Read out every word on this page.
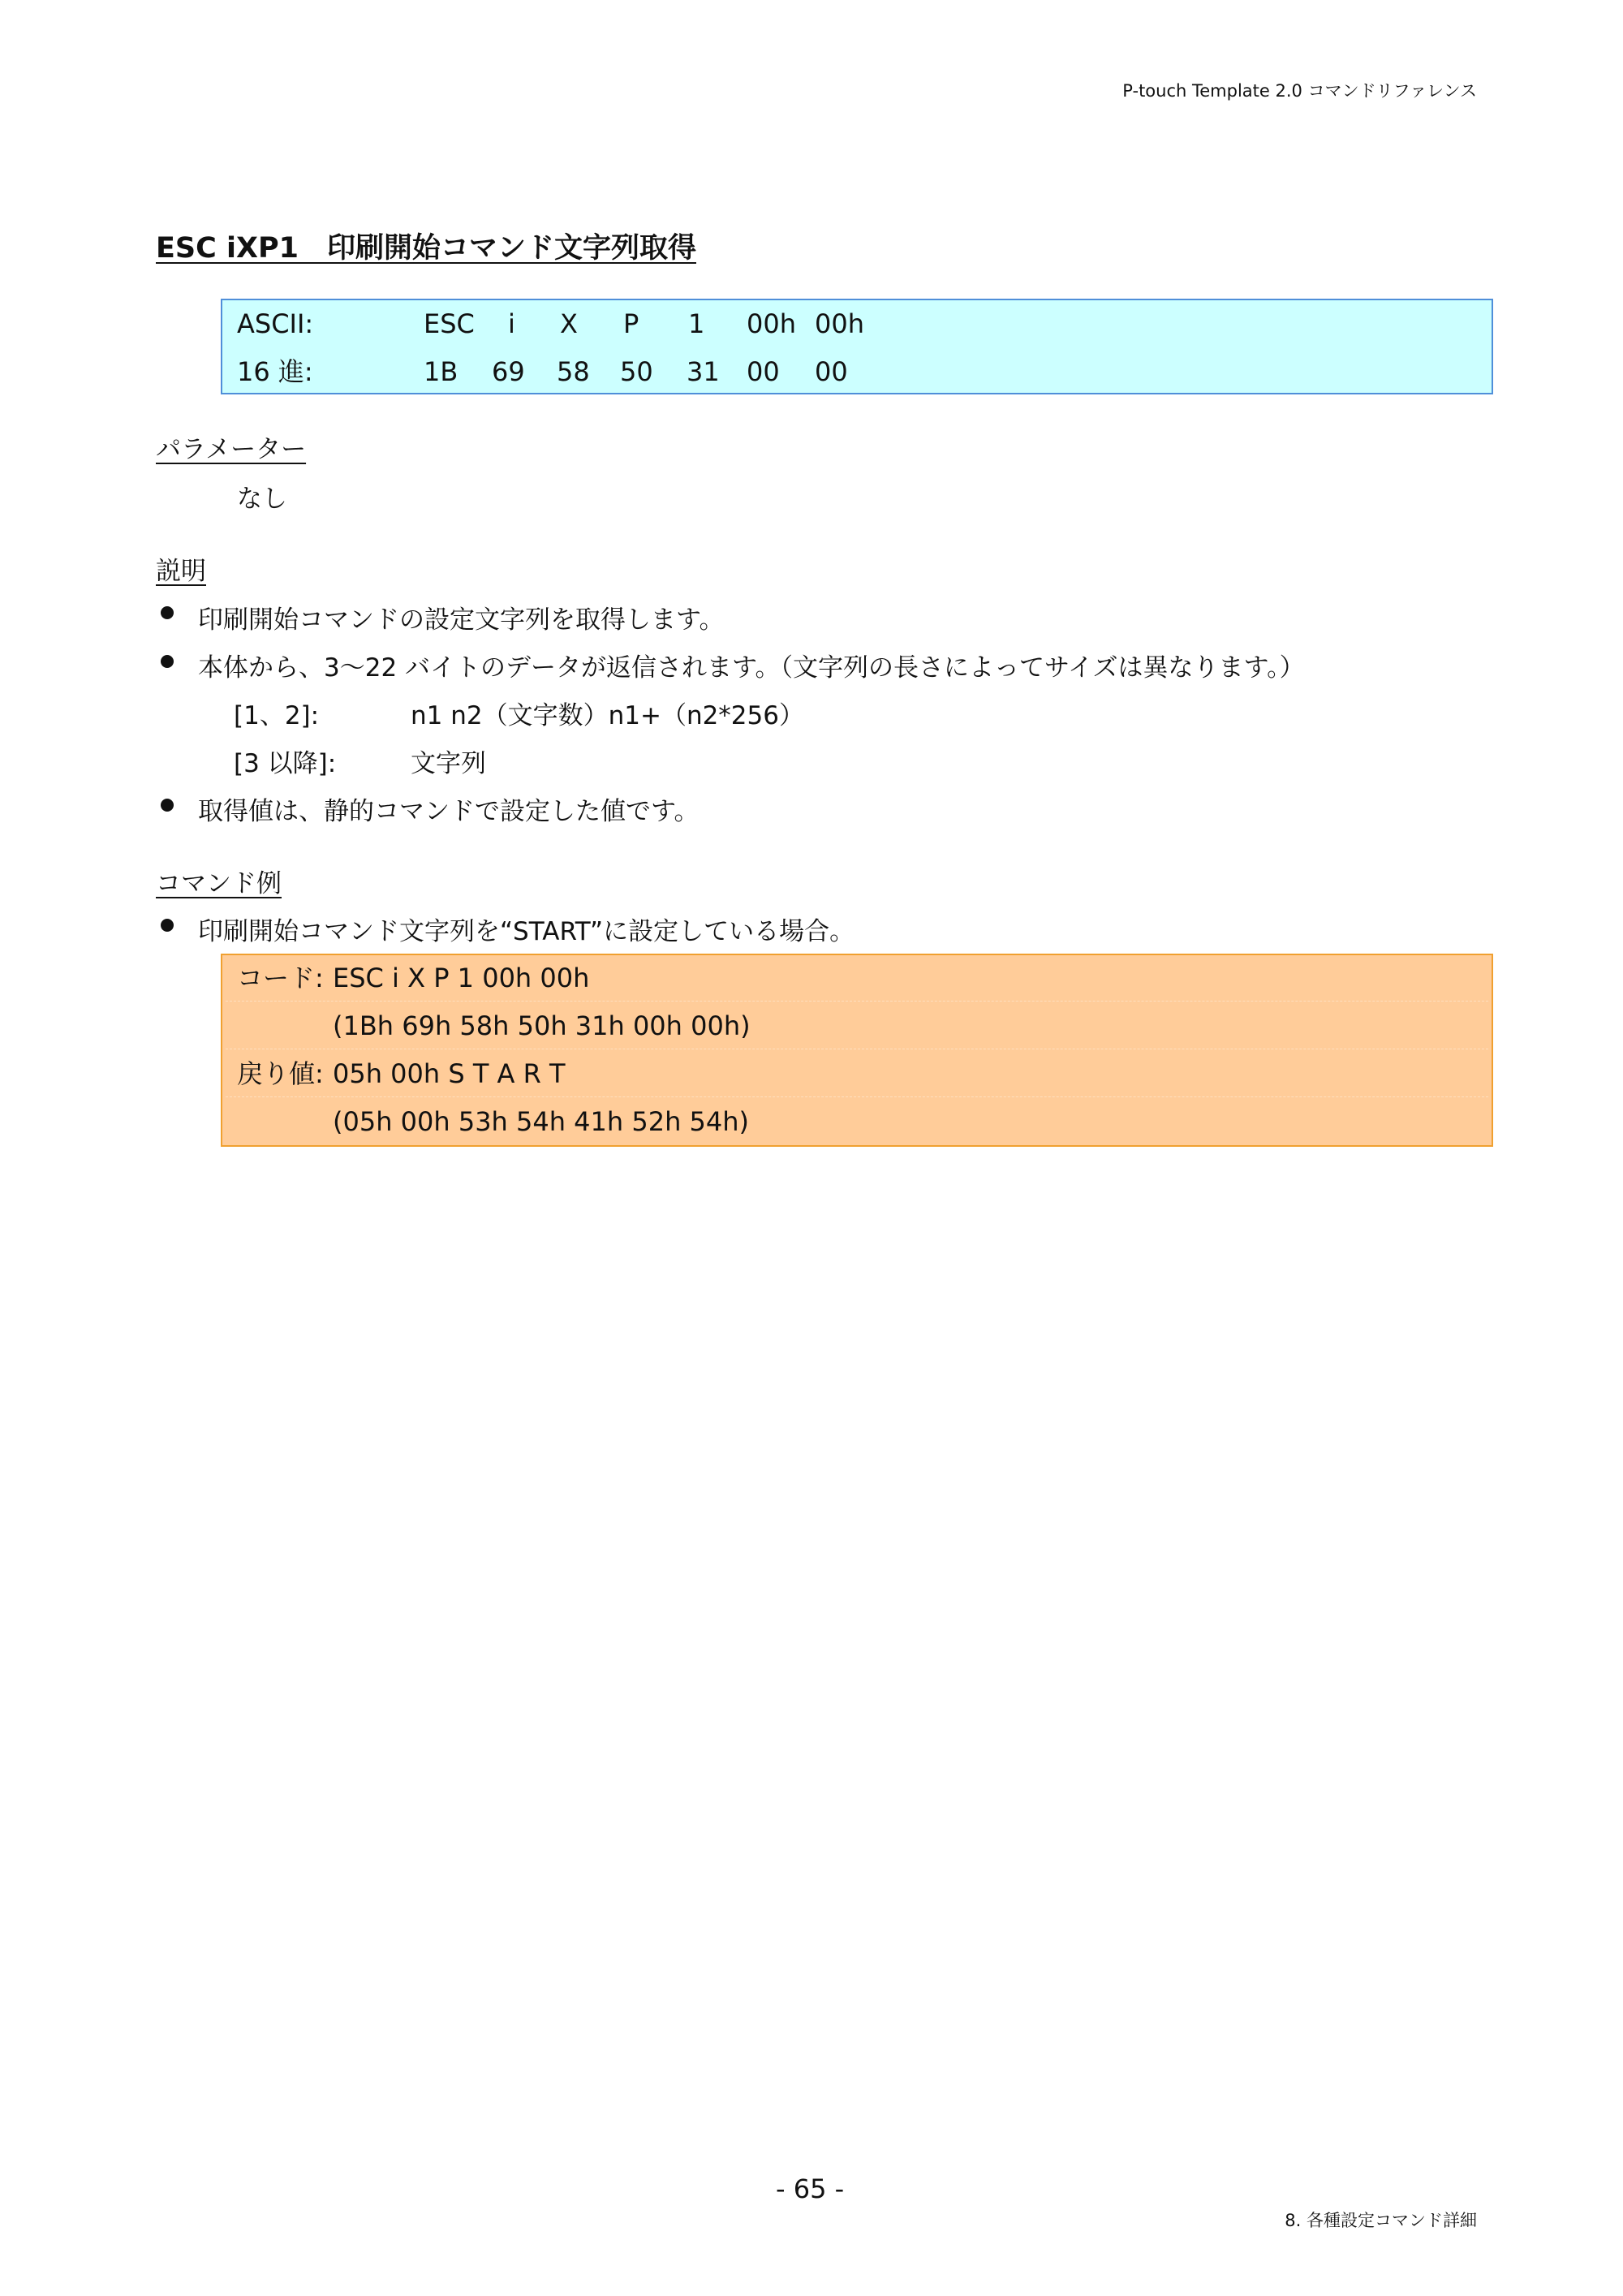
P-touch Template 2.0 コマンドリファレンス
ESC iXP1　印刷開始コマンド文字列取得
ASCII:	ESC i X P 1 00h 00h
16 進:	1B 69 58 50 31 00 00
パラメーター
なし
説明
印刷開始コマンドの設定文字列を取得します。
本体から、3～22 バイトのデータが返信されます。（文字列の長さによってサイズは異なります。）
[1、2]:	n1 n2（文字数）n1+（n2*256）
[3 以降]:	文字列
取得値は、静的コマンドで設定した値です。
コマンド例
印刷開始コマンド文字列を“START”に設定している場合。
コード: ESC i X P 1 00h 00h
(1Bh 69h 58h 50h 31h 00h 00h)
戻り値: 05h 00h S T A R T
(05h 00h 53h 54h 41h 52h 54h)
- 65 -
8. 各種設定コマンド詳細
